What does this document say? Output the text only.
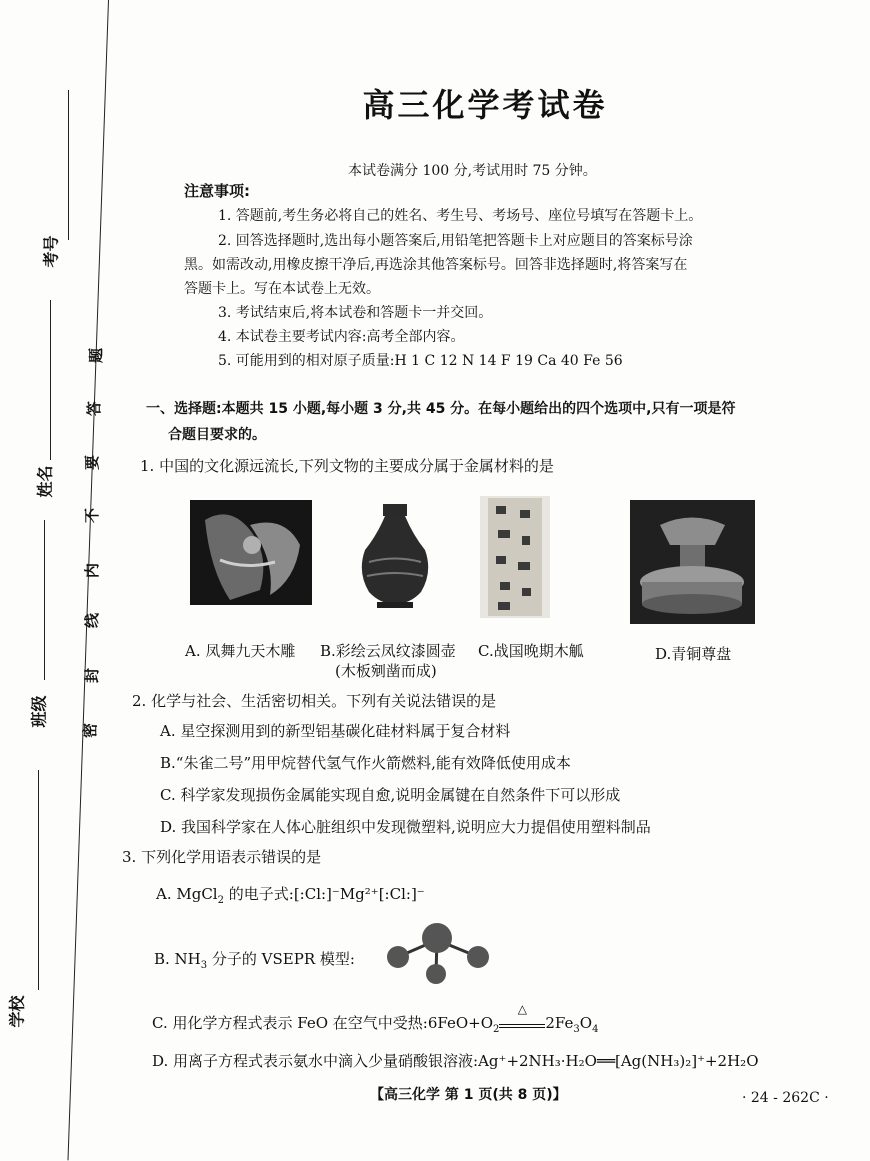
考号
姓名
班级
学校
密
封
线
内
不
要
答
题
高三化学考试卷
本试卷满分 100 分,考试用时 75 分钟。
注意事项:
1. 答题前,考生务必将自己的姓名、考生号、考场号、座位号填写在答题卡上。
2. 回答选择题时,选出每小题答案后,用铅笔把答题卡上对应题目的答案标号涂
黑。如需改动,用橡皮擦干净后,再选涂其他答案标号。回答非选择题时,将答案写在
答题卡上。写在本试卷上无效。
3. 考试结束后,将本试卷和答题卡一并交回。
4. 本试卷主要考试内容:高考全部内容。
5. 可能用到的相对原子质量:H 1 C 12 N 14 F 19 Ca 40 Fe 56
一、选择题:本题共 15 小题,每小题 3 分,共 45 分。在每小题给出的四个选项中,只有一项是符
合题目要求的。
1. 中国的文化源远流长,下列文物的主要成分属于金属材料的是
A. 凤舞九天木雕 B.彩绘云凤纹漆圆壶
(木板剜凿而成)
C.战国晚期木觚	D.青铜尊盘
2. 化学与社会、生活密切相关。下列有关说法错误的是
A. 星空探测用到的新型铝基碳化硅材料属于复合材料
B.“朱雀二号”用甲烷替代氢气作火箭燃料,能有效降低使用成本
C. 科学家发现损伤金属能实现自愈,说明金属键在自然条件下可以形成
D. 我国科学家在人体心脏组织中发现微塑料,说明应大力提倡使用塑料制品
3. 下列化学用语表示错误的是
A. MgCl$_2$ 的电子式:[:Cl:]⁻Mg²⁺[:Cl:]⁻
B. $NH_3$ 分子的 VSEPR 模型:
C. 用化学方程式表示 FeO 在空气中受热$:6FeO+O_2$
△
$2Fe_3O_4$
D. 用离子方程式表示氨水中滴入少量硝酸银溶液:Ag⁺+2NH₃·H₂O══[Ag(NH₃)₂]⁺+2H₂O
【高三化学 第 1 页(共 8 页)】	· 24 - 262C ·
